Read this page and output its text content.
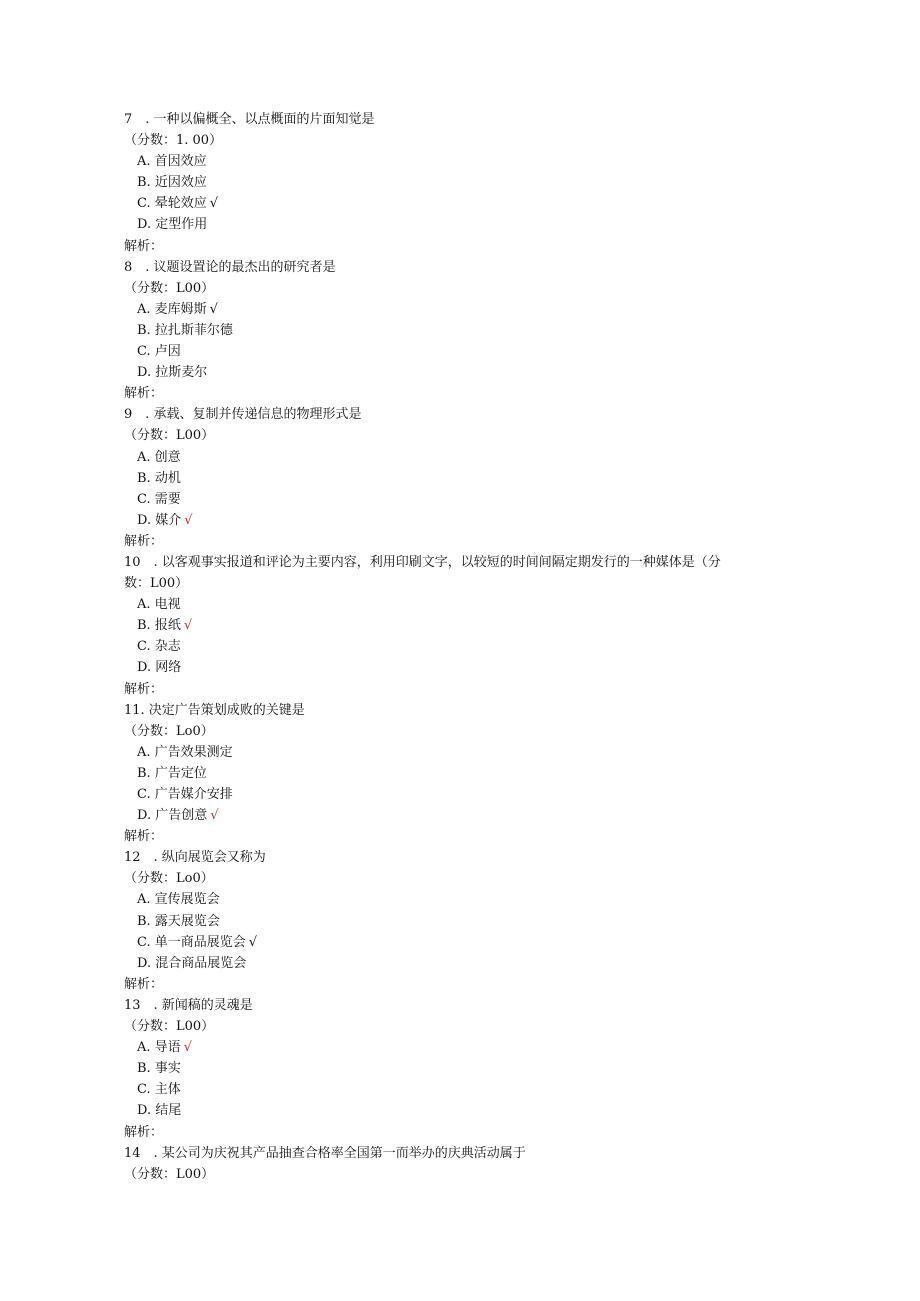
7　. 一种以偏概全、以点概面的片面知觉是
（分数：1. 00）
A. 首因效应
B. 近因效应
C. 晕轮效应 √
D. 定型作用
解析：
8　. 议题设置论的最杰出的研究者是
（分数：L00）
A. 麦库姆斯 √
B. 拉扎斯菲尔德
C. 卢因
D. 拉斯麦尔
解析：
9　. 承载、复制并传递信息的物理形式是
（分数：L00）
A. 创意
B. 动机
C. 需要
D. 媒介 √
解析：
10　. 以客观事实报道和评论为主要内容，利用印刷文字，以较短的时间间隔定期发行的一种媒体是（分
数：L00）
A. 电视
B. 报纸 √
C. 杂志
D. 网络
解析：
11. 决定广告策划成败的关键是
（分数：Lo0）
A. 广告效果测定
B. 广告定位
C. 广告媒介安排
D. 广告创意 √
解析：
12　. 纵向展览会又称为
（分数：Lo0）
A. 宣传展览会
B. 露天展览会
C. 单一商品展览会 √
D. 混合商品展览会
解析：
13　. 新闻稿的灵魂是
（分数：L00）
A. 导语 √
B. 事实
C. 主体
D. 结尾
解析：
14　. 某公司为庆祝其产品抽查合格率全国第一而举办的庆典活动属于
（分数：L00）
